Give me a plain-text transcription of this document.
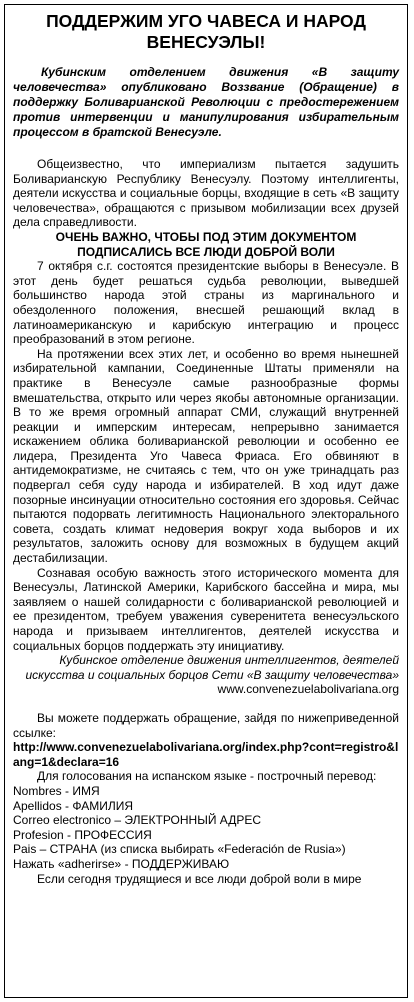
ПОДДЕРЖИМ УГО ЧАВЕСА И НАРОД ВЕНЕСУЭЛЫ!

Кубинским отделением движения «В защиту человечества» опубликовано Воззвание (Обращение) в поддержку Боливарианской Революции с предостережением против интервенции и манипулирования избирательным процессом в братской Венесуэле.

Общеизвестно, что империализм пытается задушить Боливарианскую Республику Венесуэлу. Поэтому интеллигенты, деятели искусства и социальные борцы, входящие в сеть «В защиту человечества», обращаются с призывом мобилизации всех друзей дела справедливости.

ОЧЕНЬ ВАЖНО, ЧТОБЫ ПОД ЭТИМ ДОКУМЕНТОМ ПОДПИСАЛИСЬ ВСЕ ЛЮДИ ДОБРОЙ ВОЛИ

7 октября с.г. состоятся президентские выборы в Венесуэле. В этот день будет решаться судьба революции, выведшей большинство народа этой страны из маргинального и обездоленного положения, внесшей решающий вклад в латиноамериканскую и карибскую интеграцию и процесс преобразований в этом регионе.

На протяжении всех этих лет, и особенно во время нынешней избирательной кампании, Соединенные Штаты применяли на практике в Венесуэле самые разнообразные формы вмешательства, открыто или через якобы автономные организации. В то же время огромный аппарат СМИ, служащий внутренней реакции и имперским интересам, непрерывно занимается искажением облика боливарианской революции и особенно ее лидера, Президента Уго Чавеса Фриаса. Его обвиняют в антидемократизме, не считаясь с тем, что он уже тринадцать раз подвергал себя суду народа и избирателей. В ход идут даже позорные инсинуации относительно состояния его здоровья. Сейчас пытаются подорвать легитимность Национального электорального совета, создать климат недоверия вокруг хода выборов и их результатов, заложить основу для возможных в будущем акций дестабилизации.

Сознавая особую важность этого исторического момента для Венесуэлы, Латинской Америки, Карибского бассейна и мира, мы заявляем о нашей солидарности с боливарианской революцией и ее президентом, требуем уважения суверенитета венесуэльского народа и призываем интеллигентов, деятелей искусства и социальных борцов поддержать эту инициативу.

Кубинское отделение движения интеллигентов, деятелей искусства и социальных борцов Сети «В защиту человечества»

www.convenezuelabolivariana.org

Вы можете поддержать обращение, зайдя по нижеприведенной ссылке:

http://www.convenezuelabolivariana.org/index.php?cont=registro&lang=1&declara=16

Для голосования на испанском языке - пострoчный перевод:

Nombres - ИМЯ

Apellidos - ФАМИЛИЯ

Correo electronico – ЭЛЕКТРОННЫЙ АДРЕС

Profesion - ПРОФЕССИЯ

Pais – СТРАНА (из списка выбирать «Federación de Rusia»)

Нажать «adherirse» - ПОДДЕРЖИВАЮ

Если сегодня трудящиеся и все люди доброй воли в мире
